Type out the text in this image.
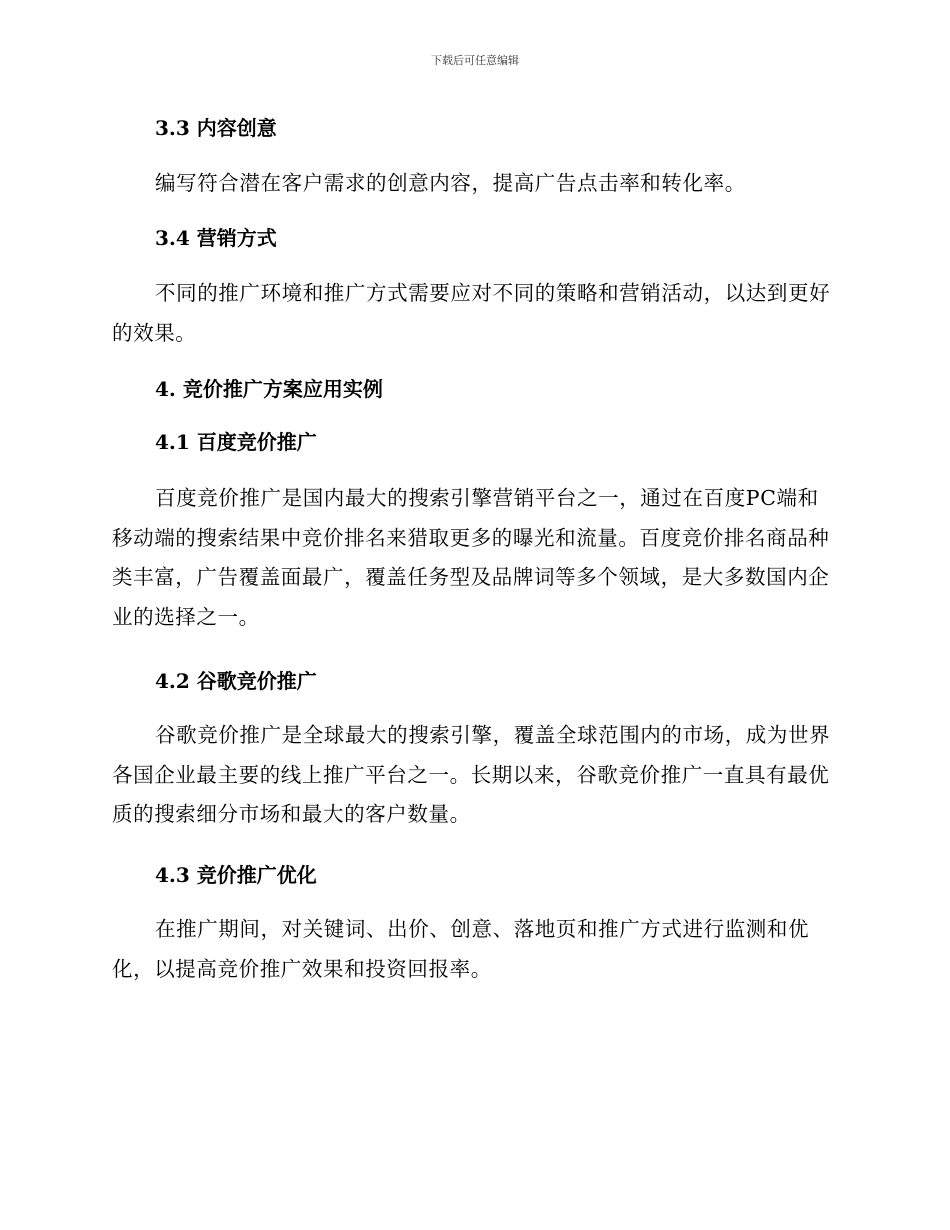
下载后可任意编辑
3.3 内容创意
编写符合潜在客户需求的创意内容，提高广告点击率和转化率。
3.4 营销方式
不同的推广环境和推广方式需要应对不同的策略和营销活动，以达到更好的效果。
4. 竞价推广方案应用实例
4.1 百度竞价推广
百度竞价推广是国内最大的搜索引擎营销平台之一，通过在百度PC端和移动端的搜索结果中竞价排名来猎取更多的曝光和流量。百度竞价排名商品种类丰富，广告覆盖面最广，覆盖任务型及品牌词等多个领域，是大多数国内企业的选择之一。
4.2 谷歌竞价推广
谷歌竞价推广是全球最大的搜索引擎，覆盖全球范围内的市场，成为世界各国企业最主要的线上推广平台之一。长期以来，谷歌竞价推广一直具有最优质的搜索细分市场和最大的客户数量。
4.3 竞价推广优化
在推广期间，对关键词、出价、创意、落地页和推广方式进行监测和优化，以提高竞价推广效果和投资回报率。
